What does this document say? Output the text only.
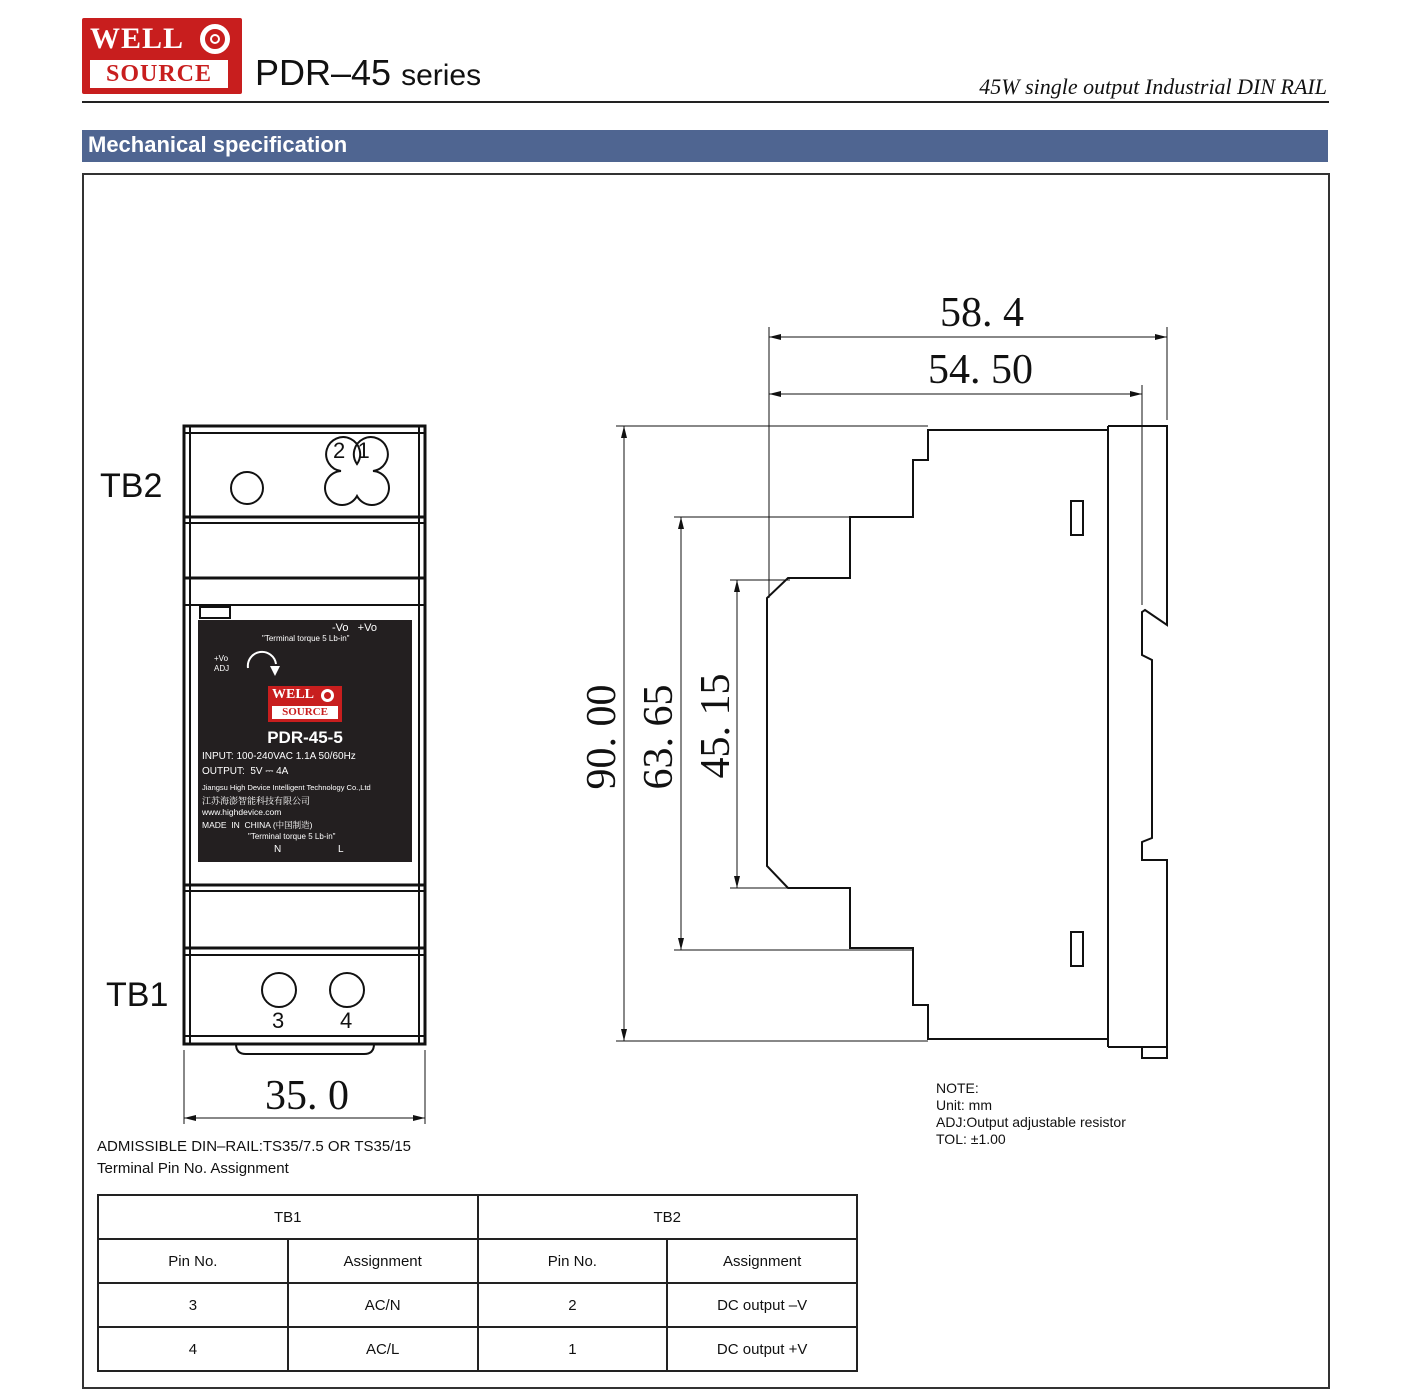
WELL
SOURCE	PDR–45 series	45W single output Industrial DIN RAIL
Mechanical specification
TB2
TB1
2  1
3	4
35. 0
-Vo   +Vo
"Terminal torque 5 Lb-in"
+Vo
ADJ
WELL
SOURCE
PDR-45-5
INPUT: 100-240VAC 1.1A 50/60Hz
OUTPUT:  5V ⎓ 4A
Jiangsu High Device Intelligent Technology Co.,Ltd
江苏海澎智能科技有限公司
www.highdevice.com
MADE  IN  CHINA (中国制造)
"Terminal torque 5 Lb-in"
N	L
58. 4
54. 50
90. 00 63. 65 45. 15
NOTE:
Unit: mm
ADJ:Output adjustable resistor
TOL: ±1.00
ADMISSIBLE DIN–RAIL:TS35/7.5 OR TS35/15
Terminal Pin No. Assignment
TB1		TB2	
Pin No.	Assignment	Pin No.	Assignment
3	AC/N	2	DC output –V
4	AC/L	1	DC output +V
